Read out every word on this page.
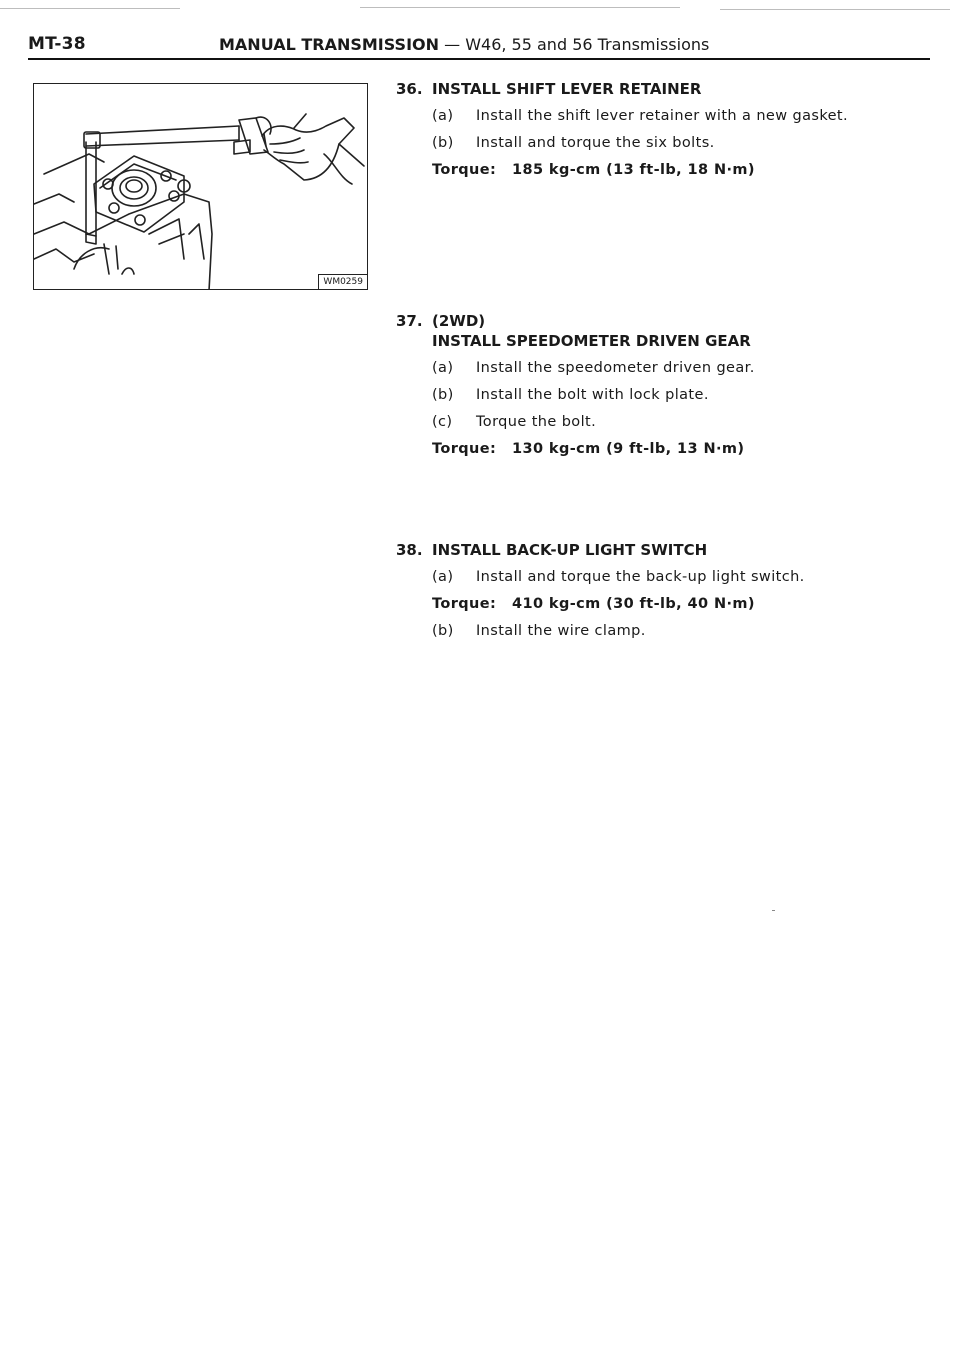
MT-38	MANUAL TRANSMISSION — W46, 55 and 56 Transmissions
WM0259
36. INSTALL SHIFT LEVER RETAINER
(a) Install the shift lever retainer with a new gasket.
(b) Install and torque the six bolts.
Torque: 185 kg-cm (13 ft-lb, 18 N·m)
37. (2WD)
INSTALL SPEEDOMETER DRIVEN GEAR
(a) Install the speedometer driven gear.
(b) Install the bolt with lock plate.
(c) Torque the bolt.
Torque: 130 kg-cm (9 ft-lb, 13 N·m)
38. INSTALL BACK-UP LIGHT SWITCH
(a) Install and torque the back-up light switch.
Torque: 410 kg-cm (30 ft-lb, 40 N·m)
(b) Install the wire clamp.
